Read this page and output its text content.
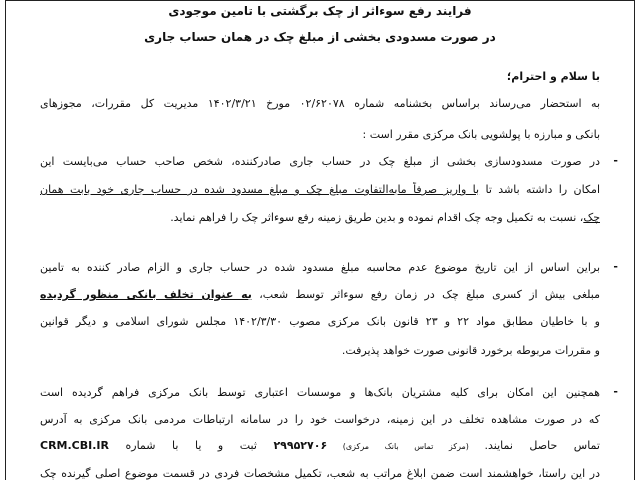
فرایند رفع سوءاثر از چک برگشتی با تامین موجودی
در صورت مسدودی بخشی از مبلغ چک در همان حساب جاری
با سلام و احترام؛
به استحضار می‌رساند براساس بخشنامه شماره ۰۲/۶۲۰۷۸ مورخ ۱۴۰۲/۳/۲۱ مدیریت کل مقررات، مجوزهای
بانکی و مبارزه با پولشویی بانک مرکزی مقرر است :
-
در صورت مسدودسازی بخشی از مبلغ چک در حساب جاری صادرکننده، شخص صاحب حساب می‌بایست این
امکان را داشته باشد تا با واریز صرفاً مابه‌التفاوت مبلغ چک و مبلغ مسدود شده در حساب جاری خود بابت همان
چک، نسبت به تکمیل وجه چک اقدام نموده و بدین طریق زمینه رفع سوءاثر چک را فراهم نماید.
-
براین اساس از این تاریخ موضوع عدم محاسبه مبلغ مسدود شده در حساب جاری و الزام صادر کننده به تامین
مبلغی بیش از کسری مبلغ چک در زمان رفع سوءاثر توسط شعب، به عنوان تخلف بانکی منظور گردیده
و با خاطیان مطابق مواد ۲۲ و ۲۳ قانون بانک مرکزی مصوب ۱۴۰۲/۳/۳۰ مجلس شورای اسلامی و دیگر قوانین
و مقررات مربوطه برخورد قانونی صورت خواهد پذیرفت.
-
همچنین این امکان برای کلیه مشتریان بانک‌ها و موسسات اعتباری توسط بانک مرکزی فراهم گردیده است
که در صورت مشاهده تخلف در این زمینه، درخواست خود را در سامانه ارتباطات مردمی بانک مرکزی به آدرس
تماس حاصل نمایند. (مرکز تماس بانک مرکزی) ۲۹۹۵۲۷۰۶ ثبت و یا با شماره CRM.CBI.IR
در این راستا، خواهشمند است ضمن ابلاغ مراتب به شعب، تکمیل مشخصات فردی در قسمت موضوع اصلی گیرنده چک
